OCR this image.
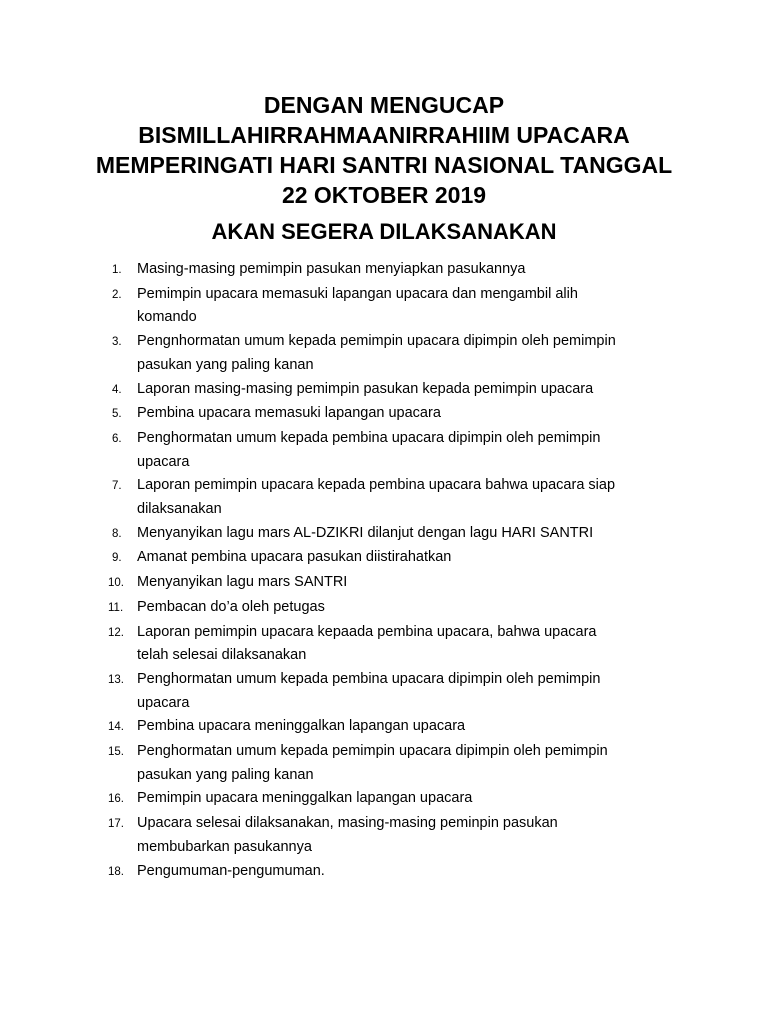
DENGAN MENGUCAP
BISMILLAHIRRAHMAANIRRAHIIM UPACARA
MEMPERINGATI HARI SANTRI NASIONAL TANGGAL
22 OKTOBER 2019
AKAN SEGERA DILAKSANAKAN
1.	Masing-masing pemimpin pasukan menyiapkan pasukannya
2.	Pemimpin upacara memasuki lapangan upacara dan mengambil alih
komando
3.	Pengnhormatan umum kepada pemimpin upacara dipimpin oleh pemimpin
pasukan yang paling kanan
4.	Laporan masing-masing pemimpin pasukan kepada pemimpin upacara
5.	Pembina upacara memasuki lapangan upacara
6.	Penghormatan umum kepada pembina upacara dipimpin oleh pemimpin
upacara
7.	Laporan pemimpin upacara kepada pembina upacara bahwa upacara siap
dilaksanakan
8.	Menyanyikan lagu mars AL-DZIKRI dilanjut dengan lagu HARI SANTRI
9.	Amanat pembina upacara pasukan diistirahatkan
10. Menyanyikan lagu mars SANTRI
11. Pembacan do’a oleh petugas
12. Laporan pemimpin upacara kepaada pembina upacara, bahwa upacara
telah selesai dilaksanakan
13. Penghormatan umum kepada pembina upacara dipimpin oleh pemimpin
upacara
14. Pembina upacara meninggalkan lapangan upacara
15. Penghormatan umum kepada pemimpin upacara dipimpin oleh pemimpin
pasukan yang paling kanan
16. Pemimpin upacara meninggalkan lapangan upacara
17. Upacara selesai dilaksanakan, masing-masing peminpin pasukan
membubarkan pasukannya
18. Pengumuman-pengumuman.
